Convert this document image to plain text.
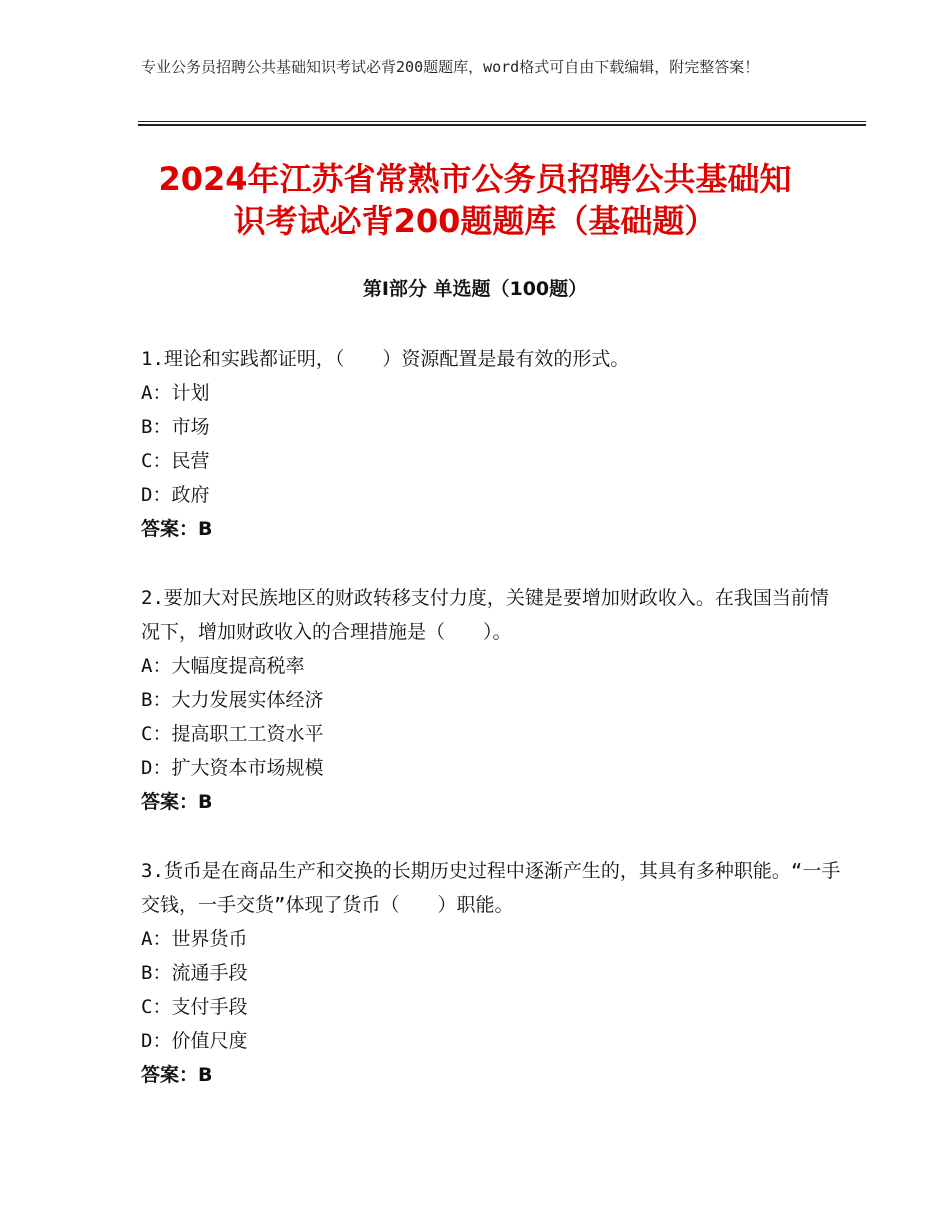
专业公务员招聘公共基础知识考试必背200题题库，word格式可自由下载编辑，附完整答案！
2024年江苏省常熟市公务员招聘公共基础知
识考试必背200题题库（基础题）
第I部分 单选题（100题）

1.理论和实践都证明，（　　）资源配置是最有效的形式。

A：计划

B：市场

C：民营

D：政府

答案：B

2.要加大对民族地区的财政转移支付力度，关键是要增加财政收入。在我国当前情况下，增加财政收入的合理措施是（　　）。

A：大幅度提高税率

B：大力发展实体经济

C：提高职工工资水平

D：扩大资本市场规模

答案：B

3.货币是在商品生产和交换的长期历史过程中逐渐产生的，其具有多种职能。“一手交钱，一手交货”体现了货币（　　）职能。

A：世界货币

B：流通手段

C：支付手段

D：价值尺度

答案：B
